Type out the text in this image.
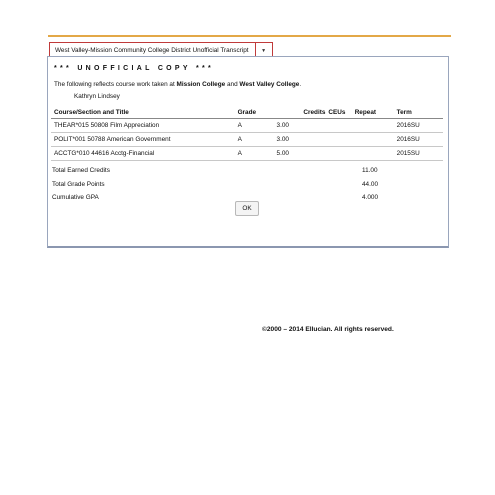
West Valley-Mission Community College District Unofficial Transcript	▼
*** UNOFFICIAL COPY ***
The following reflects course work taken at Mission College and West Valley College.
Kathryn Lindsey
Course/Section and Title	Grade	Credits	CEUs	Repeat	Term
THEAR*015 50808 Film Appreciation	A	3.00			2016SU
POLIT*001 50788 American Government	A	3.00			2016SU
ACCTG*010 44616 Acctg-Financial	A	5.00			2015SU
Total Earned Credits	11.00
Total Grade Points	44.00
Cumulative GPA	4.000
OK
©2000 – 2014 Ellucian. All rights reserved.
